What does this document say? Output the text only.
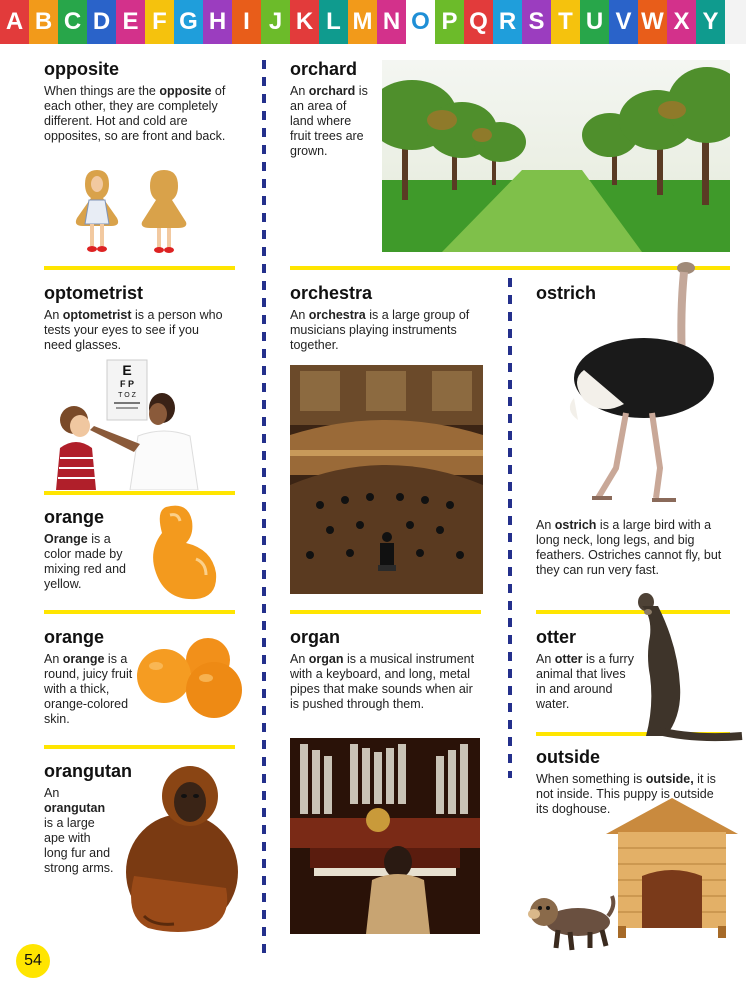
A B C D E F G H I J K L M N O P Q R S T U V W X Y
opposite

When things are the opposite of each other, they are completely different. Hot and cold are opposites, so are front and back.

orchard

An orchard is an area of land where fruit trees are grown.

optometrist

An optometrist is a person who tests your eyes to see if you need glasses.

E
F P
T O Z
orchestra

An orchestra is a large group of musicians playing instruments together.

ostrich

An ostrich is a large bird with a long neck, long legs, and big feathers. Ostriches cannot fly, but they can run very fast.

orange

Orange is a color made by mixing red and yellow.

orange

An orange is a round, juicy fruit with a thick, orange-colored skin.

organ

An organ is a musical instrument with a keyboard, and long, metal pipes that make sounds when air is pushed through them.

otter

An otter is a furry animal that lives in and around water.

orangutan

An orangutan is a large ape with long fur and strong arms.

outside

When something is outside, it is not inside. This puppy is outside its doghouse.

54
